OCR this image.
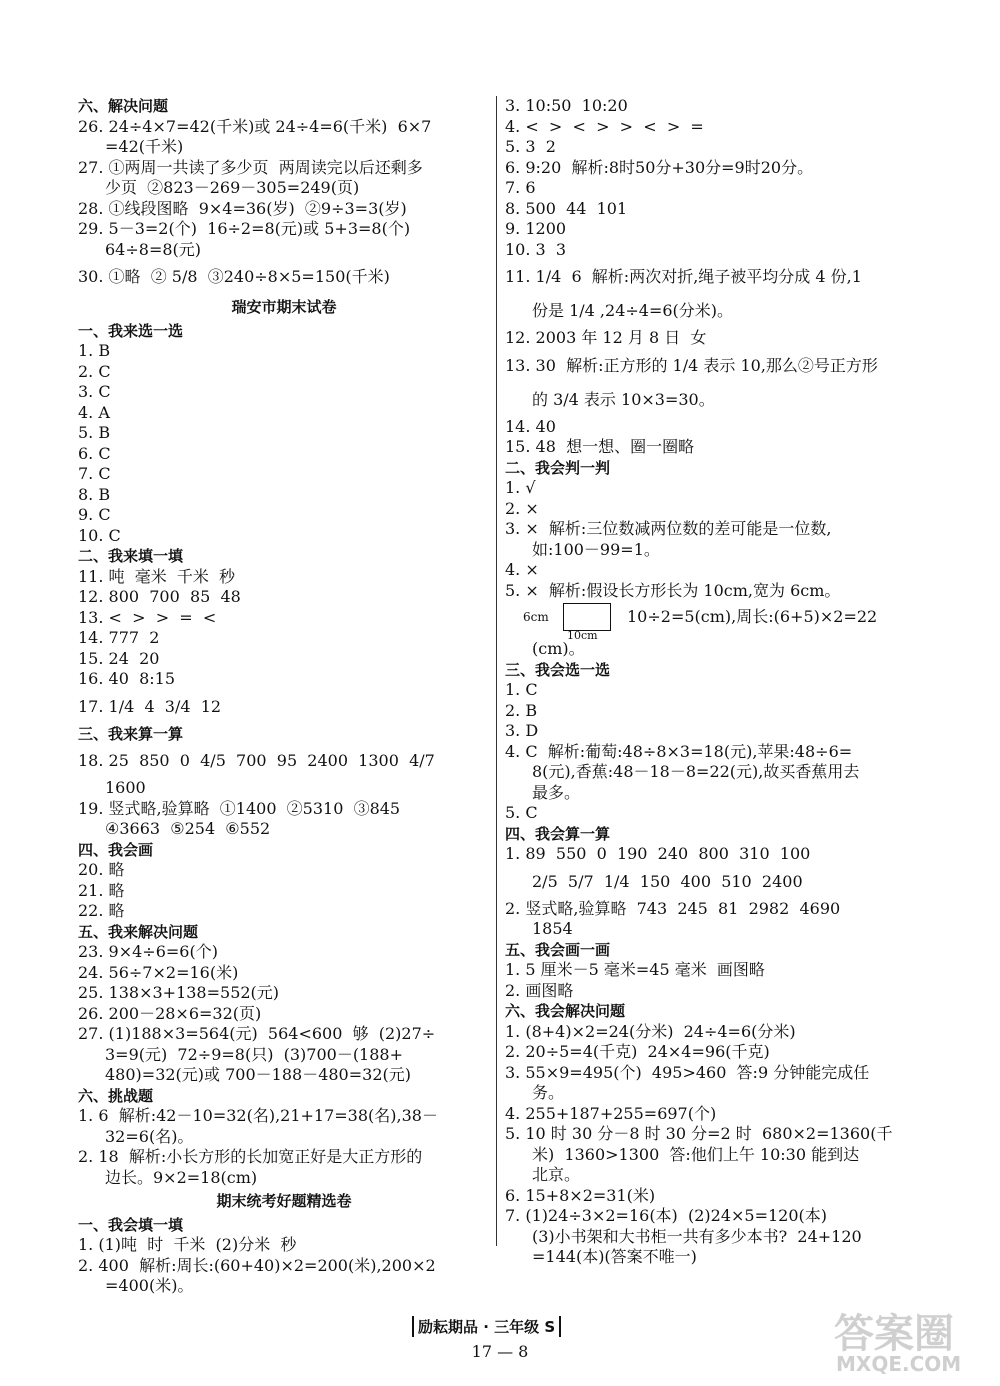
六、解决问题
26. 24÷4×7=42(千米)或 24÷4=6(千米)  6×7
=42(千米)
27. ①两周一共读了多少页  两周读完以后还剩多
少页  ②823－269－305=249(页)
28. ①线段图略  9×4=36(岁)  ②9÷3=3(岁)
29. 5－3=2(个)  16÷2=8(元)或 5+3=8(个)
64÷8=8(元)
30. ①略  ② 5/8  ③240÷8×5=150(千米)
瑞安市期末试卷
一、我来选一选
1. B
2. C
3. C
4. A
5. B
6. C
7. C
8. B
9. C
10. C
二、我来填一填
11. 吨  毫米  千米  秒
12. 800  700  85  48
13. <  >  >  =  <
14. 777  2
15. 24  20
16. 40  8:15
17. 1/4  4  3/4  12
三、我来算一算
18. 25  850  0  4/5  700  95  2400  1300  4/7
1600
19. 竖式略,验算略  ①1400  ②5310  ③845
④3663  ⑤254  ⑥552
四、我会画
20. 略
21. 略
22. 略
五、我来解决问题
23. 9×4÷6=6(个)
24. 56÷7×2=16(米)
25. 138×3+138=552(元)
26. 200－28×6=32(页)
27. (1)188×3=564(元)  564<600  够  (2)27÷
3=9(元)  72÷9=8(只)  (3)700－(188+
480)=32(元)或 700－188－480=32(元)
六、挑战题
1. 6  解析:42－10=32(名),21+17=38(名),38－
32=6(名)。
2. 18  解析:小长方形的长加宽正好是大正方形的
边长。9×2=18(cm)
期末统考好题精选卷
一、我会填一填
1. (1)吨  时  千米  (2)分米  秒
2. 400  解析:周长:(60+40)×2=200(米),200×2
=400(米)。
3. 10:50  10:20
4. <  >  <  >  >  <  >  =
5. 3  2
6. 9:20  解析:8时50分+30分=9时20分。
7. 6
8. 500  44  101
9. 1200
10. 3  3
11. 1/4  6  解析:两次对折,绳子被平均分成 4 份,1
份是 1/4 ,24÷4=6(分米)。
12. 2003 年 12 月 8 日  女
13. 30  解析:正方形的 1/4 表示 10,那么②号正方形
的 3/4 表示 10×3=30。
14. 40
15. 48  想一想、圈一圈略
二、我会判一判
1. √
2. ×
3. ×  解析:三位数减两位数的差可能是一位数,
如:100－99=1。
4. ×
5. ×  解析:假设长方形长为 10cm,宽为 6cm。
6cm
10cm
10÷2=5(cm),周长:(6+5)×2=22
(cm)。
三、我会选一选
1. C
2. B
3. D
4. C  解析:葡萄:48÷8×3=18(元),苹果:48÷6=
8(元),香蕉:48－18－8=22(元),故买香蕉用去
最多。
5. C
四、我会算一算
1. 89  550  0  190  240  800  310  100
2/5  5/7  1/4  150  400  510  2400
2. 竖式略,验算略  743  245  81  2982  4690
1854
五、我会画一画
1. 5 厘米－5 毫米=45 毫米  画图略
2. 画图略
六、我会解决问题
1. (8+4)×2=24(分米)  24÷4=6(分米)
2. 20÷5=4(千克)  24×4=96(千克)
3. 55×9=495(个)  495>460  答:9 分钟能完成任
务。
4. 255+187+255=697(个)
5. 10 时 30 分－8 时 30 分=2 时  680×2=1360(千
米)  1360>1300  答:他们上午 10:30 能到达
北京。
6. 15+8×2=31(米)
7. (1)24÷3×2=16(本)  (2)24×5=120(本)
(3)小书架和大书柜一共有多少本书?  24+120
=144(本)(答案不唯一)
励耘期品 · 三年级 S
17 — 8	答案圈
MXQE.COM
